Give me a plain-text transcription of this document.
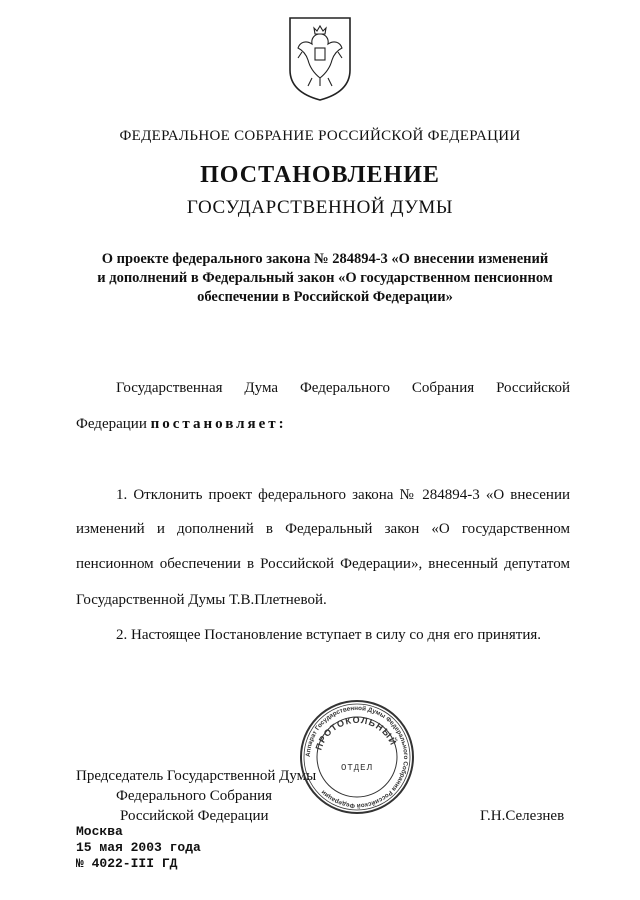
ФЕДЕРАЛЬНОЕ СОБРАНИЕ РОССИЙСКОЙ ФЕДЕРАЦИИ
ПОСТАНОВЛЕНИЕ
ГОСУДАРСТВЕННОЙ ДУМЫ
О проекте федерального закона № 284894-3 «О внесении изменений
и дополнений в Федеральный закон «О государственном пенсионном
обеспечении в Российской Федерации»
Государственная Дума Федерального Собрания Российской
Федерации постановляет:
1. Отклонить проект федерального закона № 284894-3 «О внесении
изменений и дополнений в Федеральный закон «О государственном
пенсионном обеспечении в Российской Федерации», внесенный депутатом
Государственной Думы Т.В.Плетневой.
2. Настоящее Постановление вступает в силу со дня его принятия.
Председатель Государственной Думы
Федерального Собрания
Российской Федерации	Г.Н.Селезнев
Москва
15 мая 2003 года
№ 4022-III ГД
Аппарат Государственной Думы Федерального Собрания Российской Федерации
ПРОТОКОЛЬНЫЙ
ОТДЕЛ
